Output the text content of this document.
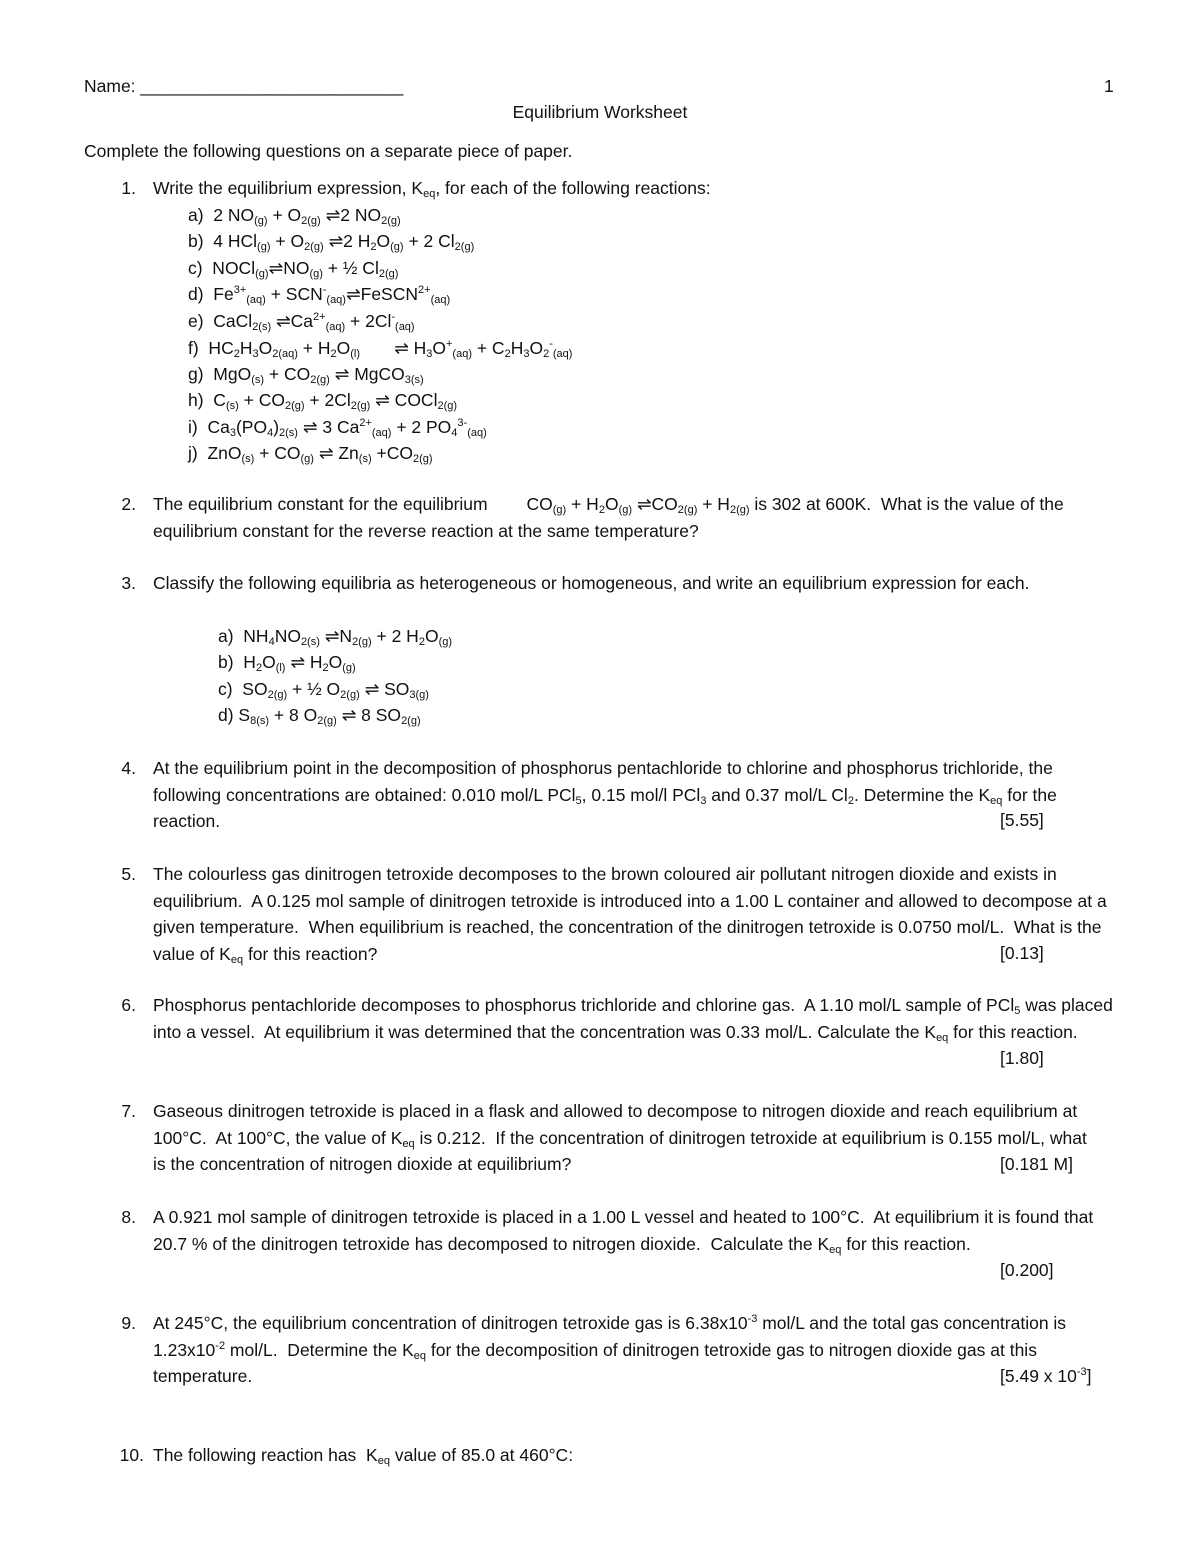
Name: ___________________________	1
Equilibrium Worksheet
Complete the following questions on a separate piece of paper.
1. Write the equilibrium expression, $K_{eq}$, for each of the following reactions:
a)  2 $NO_{(g)} + O_{2(g)}$ ⇌2 $NO_{2(g)}$
b)  4 $HCl_{(g)} + O_{2(g)}$ ⇌2 $H_2O_{(g)} + 2$ $Cl_{2(g)}$
c)  $NOCl_{(g)}\rightleftharpoons NO_{(g)}$ + ½ $Cl_{2(g)}$
d)  $Fe^{3+}_{(aq)}$ + $SCN^-_{(aq)}\rightleftharpoons FeSCN^{2+}_{(aq)}$
e)  CaCl$_{2(s)}$ $\rightleftharpoons Ca^{2+}_{(aq)} + 2Cl^-_{(aq)}$
f)  $HC_2H_3O_{2(aq)} + H_2O_{(l)}$       ⇌ $H_3O^+_{(aq)} + C_2H_3O_2^-_{(aq)}$
g)  $MgO_{(s)} + CO_{2(g)}$ ⇌ MgCO$_{3(s)}$
h)  $C_{(s)} + CO_{2(g)} + 2Cl_{2(g)}$ ⇌ COCl$_{2(g)}$
i)  $Ca_3(PO_4)_{2(s)}$ ⇌ 3 $Ca^{2+}_{(aq)} + 2$ $PO_4^{3-}_{(aq)}$
j)  $ZnO_{(s)} + CO_{(g)}$ ⇌ $Zn_{(s)} +CO_{2(g)}$
2. The equilibrium constant for the equilibrium        $CO_{(g)} + H_2O_{(g)}$ $\rightleftharpoons CO_{2(g)} + H_{2(g)}$ is 302 at 600K.  What is the value of the equilibrium constant for the reverse reaction at the same temperature?
3. Classify the following equilibria as heterogeneous or homogeneous, and write an equilibrium expression for each.
a)  $NH_4NO_{2(s)}$ $\rightleftharpoons N_{2(g)} + 2$ $H_2O_{(g)}$
b)  $H_2O_{(l)}$ ⇌ $H_2O_{(g)}$
c)  $SO_{2(g)}$ + ½ $O_{2(g)}$ ⇌ $SO_{3(g)}$
d) $S_{8(s)} + 8$ $O_{2(g)}$ ⇌ 8 $SO_{2(g)}$
4. At the equilibrium point in the decomposition of phosphorus pentachloride to chlorine and phosphorus trichloride, the following concentrations are obtained: 0.010 mol/L PCl$_5$, 0.15 mol/l PCl$_3$ and 0.37 mol/L $Cl_2$. Determine the $K_{eq}$ for the reaction.	[5.55]
5. The colourless gas dinitrogen tetroxide decomposes to the brown coloured air pollutant nitrogen dioxide and exists in equilibrium.  A 0.125 mol sample of dinitrogen tetroxide is introduced into a 1.00 L container and allowed to decompose at a given temperature.  When equilibrium is reached, the concentration of the dinitrogen tetroxide is 0.0750 mol/L.  What is the value of $K_{eq}$ for this reaction?	[0.13]
6. Phosphorus pentachloride decomposes to phosphorus trichloride and chlorine gas.  A 1.10 mol/L sample of PCl$_5$ was placed into a vessel.  At equilibrium it was determined that the concentration was 0.33 mol/L. Calculate the $K_{eq}$ for this reaction.
[1.80]
7. Gaseous dinitrogen tetroxide is placed in a flask and allowed to decompose to nitrogen dioxide and reach equilibrium at 100°C.  At 100°C, the value of $K_{eq}$ is 0.212.  If the concentration of dinitrogen tetroxide at equilibrium is 0.155 mol/L, what is the concentration of nitrogen dioxide at equilibrium?	[0.181 M]
8. A 0.921 mol sample of dinitrogen tetroxide is placed in a 1.00 L vessel and heated to 100°C.  At equilibrium it is found that 20.7 % of the dinitrogen tetroxide has decomposed to nitrogen dioxide.  Calculate the $K_{eq}$ for this reaction.
[0.200]
9. At 245°C, the equilibrium concentration of dinitrogen tetroxide gas is $6.38x10^{-3}$ mol/L and the total gas concentration is $1.23x10^{-2}$ mol/L.  Determine the $K_{eq}$ for the decomposition of dinitrogen tetroxide gas to nitrogen dioxide gas at this temperature.	[5.49 x $10^{-3}$]
10. The following reaction has  $K_{eq}$ value of 85.0 at 460°C:
